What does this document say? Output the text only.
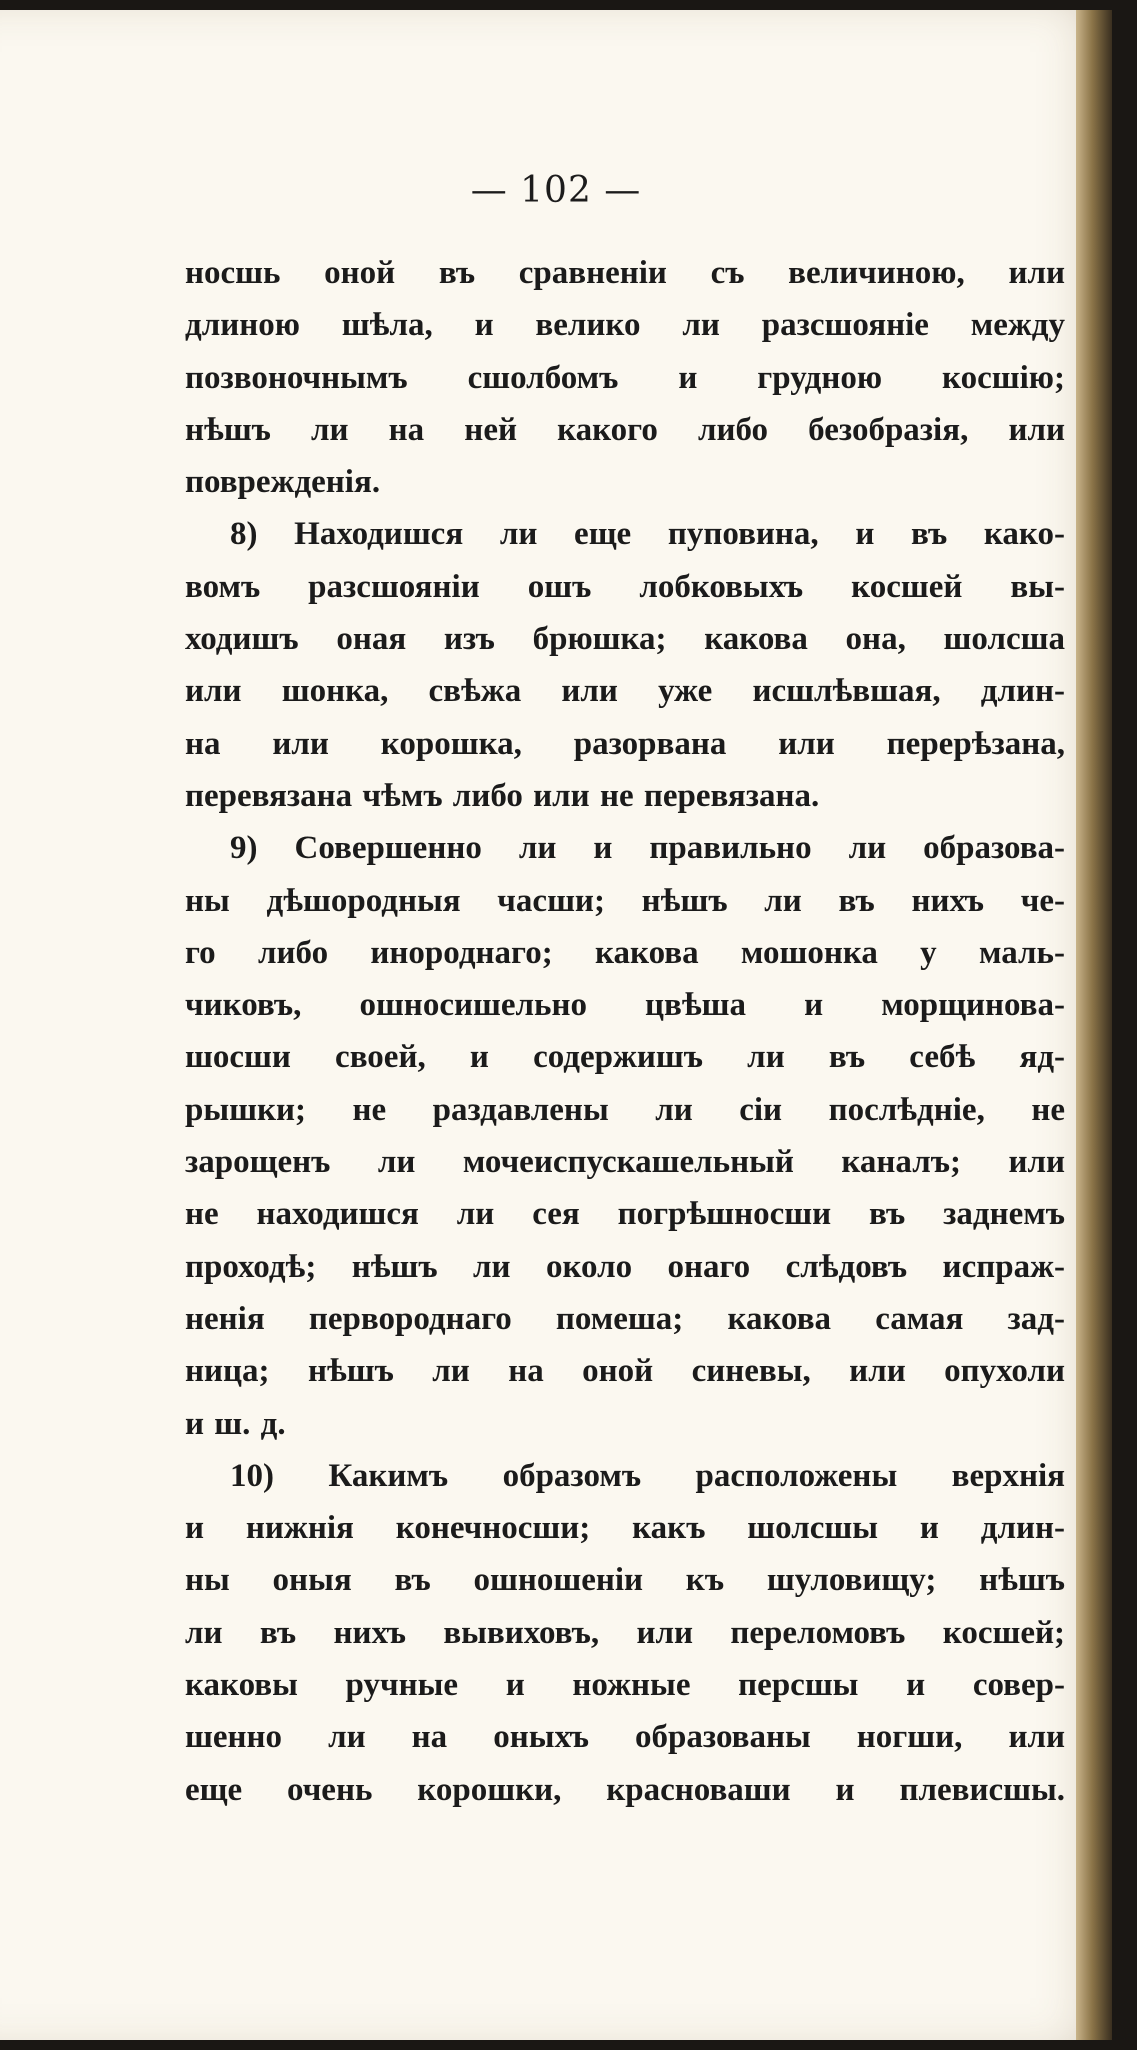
— 102 —
носшь оной въ сравненіи съ величиною, или
длиною шѣла, и велико ли разсшояніе между
позвоночнымъ сшолбомъ и грудною косшію;
нѣшъ ли на ней какого либо безобразія, или
поврежденія.
8) Находишся ли еще пуповина, и въ како-
вомъ разсшояніи ошъ лобковыхъ косшей вы-
ходишъ оная изъ брюшка; какова она, шолсша
или шонка, свѣжа или уже исшлѣвшая, длин-
на или корошка, разорвана или перерѣзана,
перевязана чѣмъ либо или не перевязана.
9) Совершенно ли и правильно ли образова-
ны дѣшородныя часши; нѣшъ ли въ нихъ че-
го либо инороднаго; какова мошонка у маль-
чиковъ, ошносишельно цвѣша и морщинова-
шосши своей, и содержишъ ли въ себѣ яд-
рышки; не раздавлены ли сіи послѣдніе, не
зарощенъ ли мочеиспускашельный каналъ; или
не находишся ли сея погрѣшносши въ заднемъ
проходѣ; нѣшъ ли около онаго слѣдовъ испраж-
ненія первороднаго помеша; какова самая зад-
ница; нѣшъ ли на оной синевы, или опухоли
и ш. д.
10) Какимъ образомъ расположены верхнія
и нижнія конечносши; какъ шолсшы и длин-
ны оныя въ ошношеніи къ шуловищу; нѣшъ
ли въ нихъ вывиховъ, или переломовъ косшей;
каковы ручные и ножные персшы и совер-
шенно ли на оныхъ образованы ногши, или
еще очень корошки, красноваши и плевисшы.
